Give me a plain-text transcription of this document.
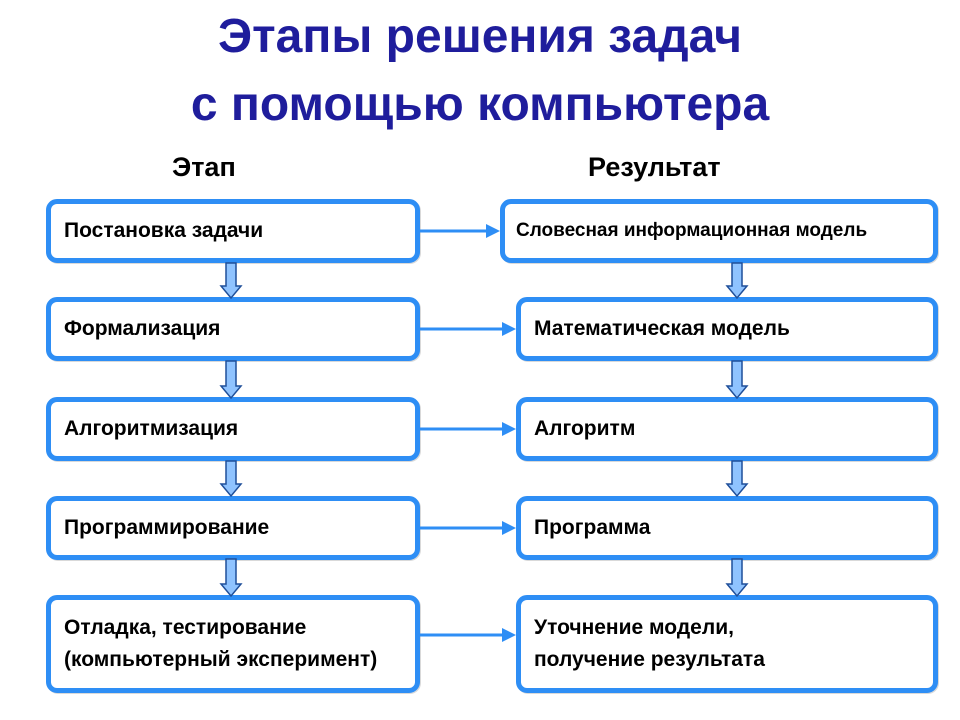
Этапы решения задач
с помощью компьютера
Этап	Результат
Постановка задачи
Формализация
Алгоритмизация
Программирование
Отладка, тестирование
(компьютерный эксперимент)
Словесная информационная модель
Математическая модель
Алгоритм
Программа
Уточнение модели,
получение результата
